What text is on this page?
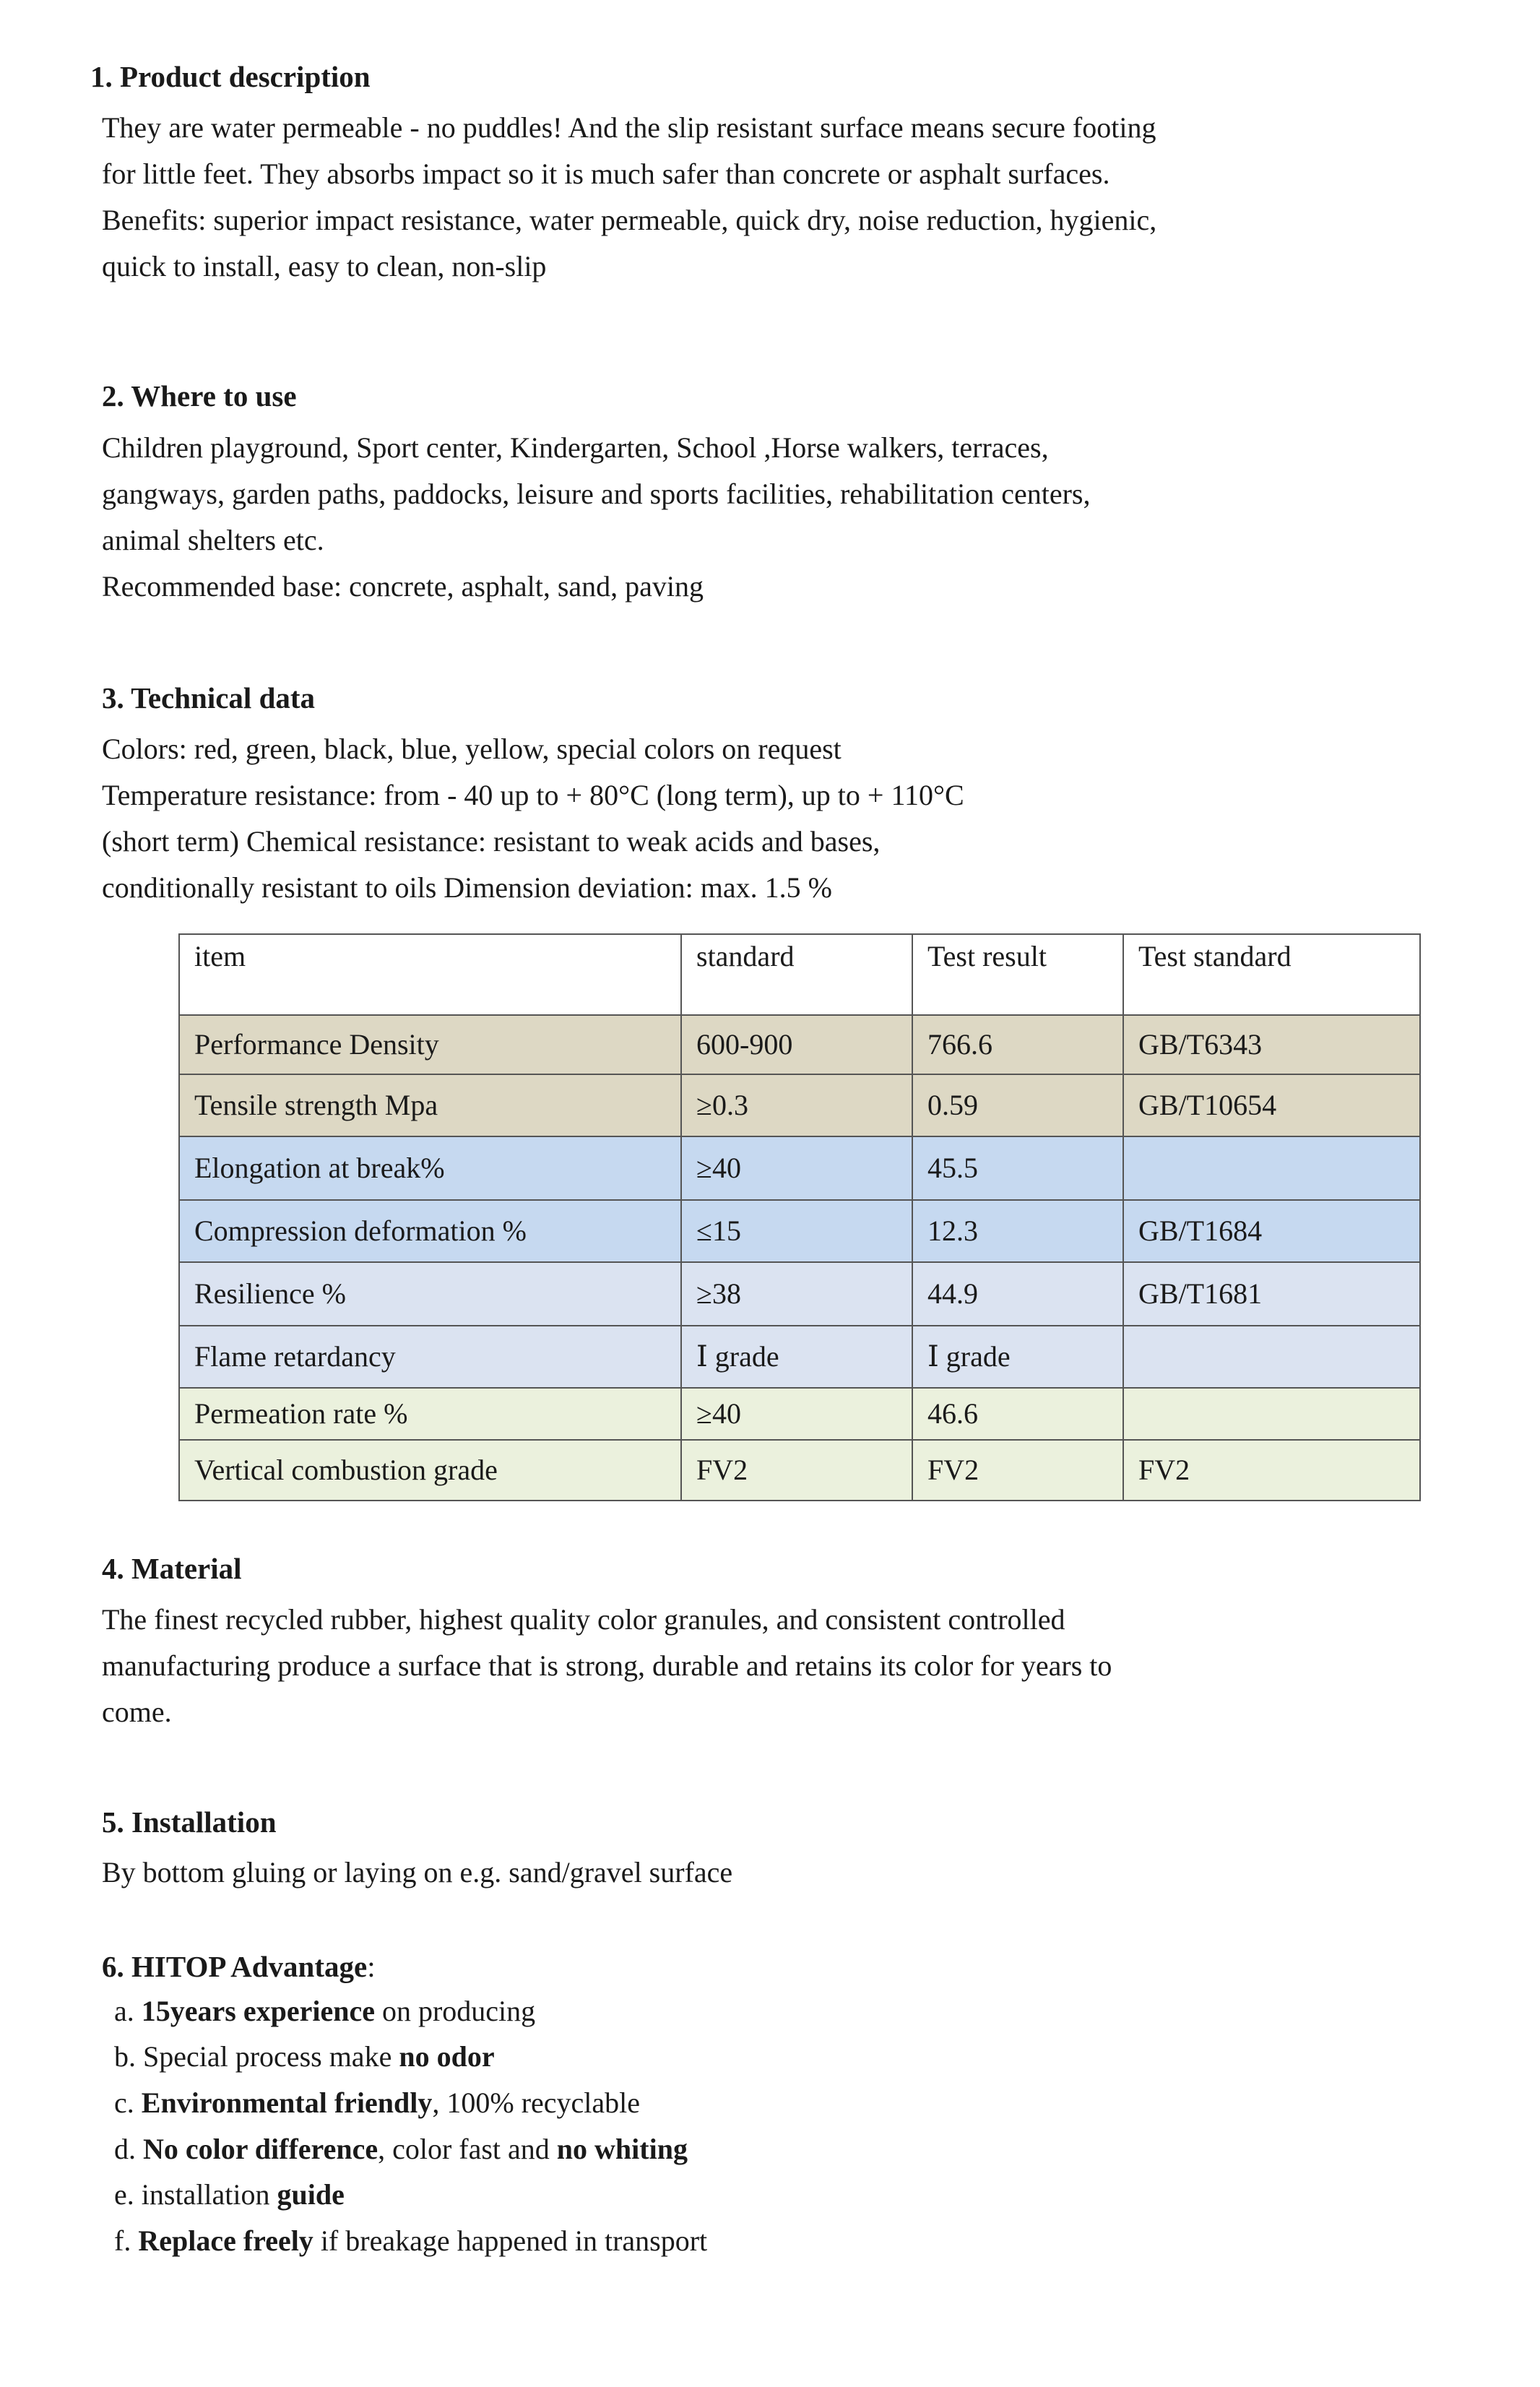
1. Product description
They are water permeable - no puddles! And the slip resistant surface means secure footing
for little feet. They absorbs impact so it is much safer than concrete or asphalt surfaces.
Benefits: superior impact resistance, water permeable, quick dry, noise reduction, hygienic,
quick to install, easy to clean, non-slip
2. Where to use
Children playground, Sport center, Kindergarten, School ,Horse walkers, terraces,
gangways, garden paths, paddocks, leisure and sports facilities, rehabilitation centers,
animal shelters etc.
Recommended base: concrete, asphalt, sand, paving
3. Technical data
Colors: red, green, black, blue, yellow, special colors on request
Temperature resistance: from - 40 up to + 80°C (long term), up to + 110°C
(short term) Chemical resistance: resistant to weak acids and bases,
conditionally resistant to oils Dimension deviation: max. 1.5 %
item	standard	Test result	Test standard
Performance Density	600-900	766.6	GB/T6343
Tensile strength Mpa	≥0.3	0.59	GB/T10654
Elongation at break%	≥40	45.5	
Compression deformation %	≤15	12.3	GB/T1684
Resilience %	≥38	44.9	GB/T1681
Flame retardancy	Ⅰ grade	Ⅰ grade	
Permeation rate %	≥40	46.6	
Vertical combustion grade	FV2	FV2	FV2
4. Material
The finest recycled rubber, highest quality color granules, and consistent controlled
manufacturing produce a surface that is strong, durable and retains its color for years to
come.
5. Installation
By bottom gluing or laying on e.g. sand/gravel surface
6. HITOP Advantage:
a. 15years experience on producing
b. Special process make no odor
c. Environmental friendly, 100% recyclable
d. No color difference, color fast and no whiting
e. installation guide
f. Replace freely if breakage happened in transport
